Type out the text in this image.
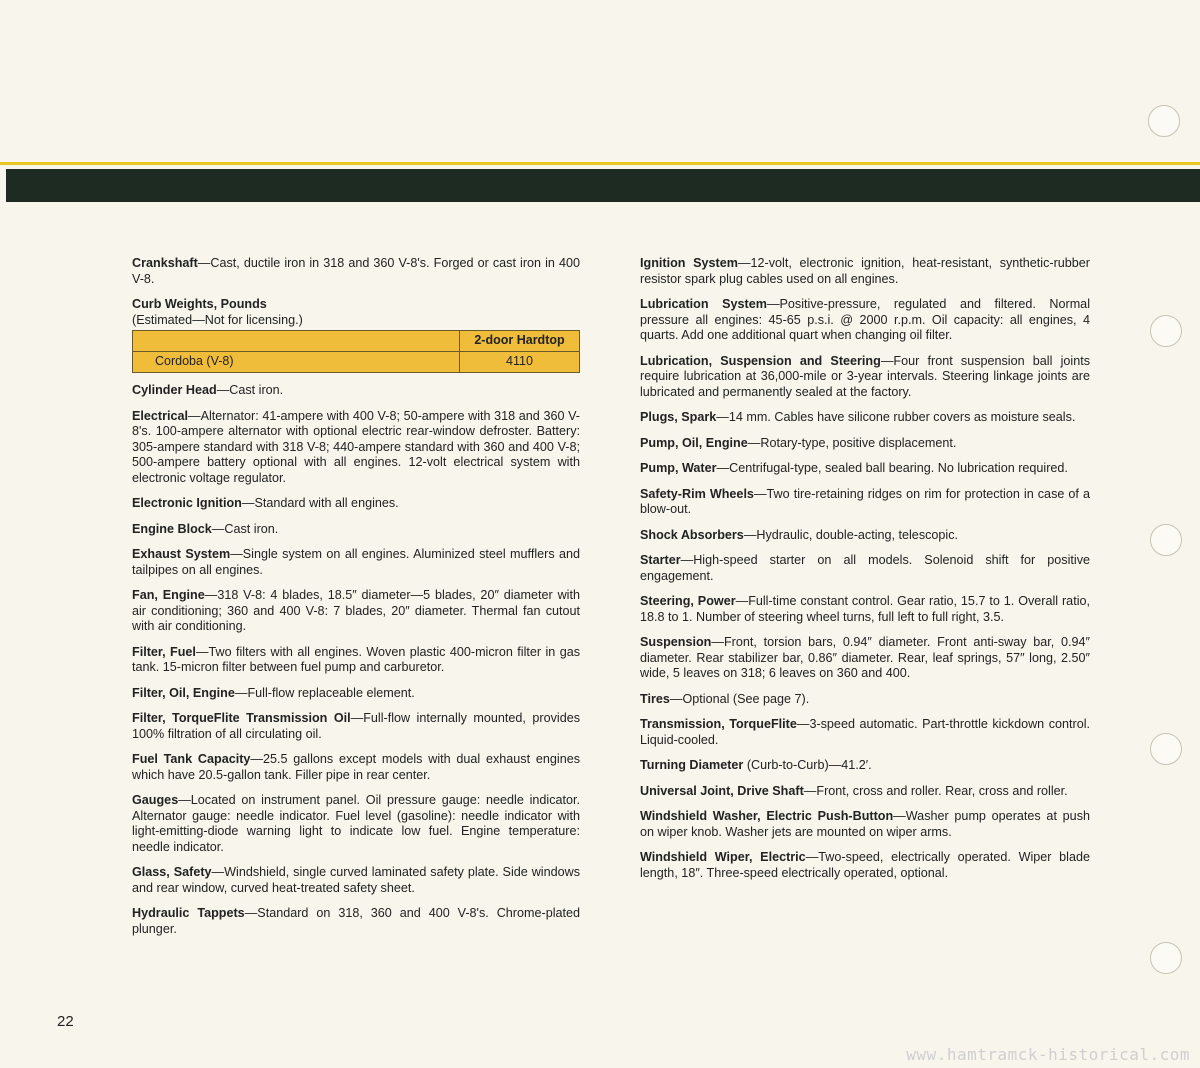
Crankshaft—Cast, ductile iron in 318 and 360 V-8's. Forged or cast iron in 400 V-8.

Curb Weights, Pounds
(Estimated—Not for licensing.)
	2-door Hardtop
Cordoba (V-8)	4110

Cylinder Head—Cast iron.

Electrical—Alternator: 41-ampere with 400 V-8; 50-ampere with 318 and 360 V-8's. 100-ampere alternator with optional electric rear-window defroster. Battery: 305-ampere standard with 318 V-8; 440-ampere standard with 360 and 400 V-8; 500-ampere battery optional with all engines. 12-volt electrical system with electronic voltage regulator.

Electronic Ignition—Standard with all engines.

Engine Block—Cast iron.

Exhaust System—Single system on all engines. Aluminized steel mufflers and tailpipes on all engines.

Fan, Engine—318 V-8: 4 blades, 18.5″ diameter—5 blades, 20″ diameter with air conditioning; 360 and 400 V-8: 7 blades, 20″ diameter. Thermal fan cutout with air conditioning.

Filter, Fuel—Two filters with all engines. Woven plastic 400-micron filter in gas tank. 15-micron filter between fuel pump and carburetor.

Filter, Oil, Engine—Full-flow replaceable element.

Filter, TorqueFlite Transmission Oil—Full-flow internally mounted, provides 100% filtration of all circulating oil.

Fuel Tank Capacity—25.5 gallons except models with dual exhaust engines which have 20.5-gallon tank. Filler pipe in rear center.

Gauges—Located on instrument panel. Oil pressure gauge: needle indicator. Alternator gauge: needle indicator. Fuel level (gasoline): needle indicator with light-emitting-diode warning light to indicate low fuel. Engine temperature: needle indicator.

Glass, Safety—Windshield, single curved laminated safety plate. Side windows and rear window, curved heat-treated safety sheet.

Hydraulic Tappets—Standard on 318, 360 and 400 V-8's. Chrome-plated plunger.

Ignition System—12-volt, electronic ignition, heat-resistant, synthetic-rubber resistor spark plug cables used on all engines.

Lubrication System—Positive-pressure, regulated and filtered. Normal pressure all engines: 45-65 p.s.i. @ 2000 r.p.m. Oil capacity: all engines, 4 quarts. Add one additional quart when changing oil filter.

Lubrication, Suspension and Steering—Four front suspension ball joints require lubrication at 36,000-mile or 3-year intervals. Steering linkage joints are lubricated and permanently sealed at the factory.

Plugs, Spark—14 mm. Cables have silicone rubber covers as moisture seals.

Pump, Oil, Engine—Rotary-type, positive displacement.

Pump, Water—Centrifugal-type, sealed ball bearing. No lubrication required.

Safety-Rim Wheels—Two tire-retaining ridges on rim for protection in case of a blow-out.

Shock Absorbers—Hydraulic, double-acting, telescopic.

Starter—High-speed starter on all models. Solenoid shift for positive engagement.

Steering, Power—Full-time constant control. Gear ratio, 15.7 to 1. Overall ratio, 18.8 to 1. Number of steering wheel turns, full left to full right, 3.5.

Suspension—Front, torsion bars, 0.94″ diameter. Front anti-sway bar, 0.94″ diameter. Rear stabilizer bar, 0.86″ diameter. Rear, leaf springs, 57″ long, 2.50″ wide, 5 leaves on 318; 6 leaves on 360 and 400.

Tires—Optional (See page 7).

Transmission, TorqueFlite—3-speed automatic. Part-throttle kickdown control. Liquid-cooled.

Turning Diameter (Curb-to-Curb)—41.2′.

Universal Joint, Drive Shaft—Front, cross and roller. Rear, cross and roller.

Windshield Washer, Electric Push-Button—Washer pump operates at push on wiper knob. Washer jets are mounted on wiper arms.

Windshield Wiper, Electric—Two-speed, electrically operated. Wiper blade length, 18″. Three-speed electrically operated, optional.

22
www.hamtramck-historical.com
